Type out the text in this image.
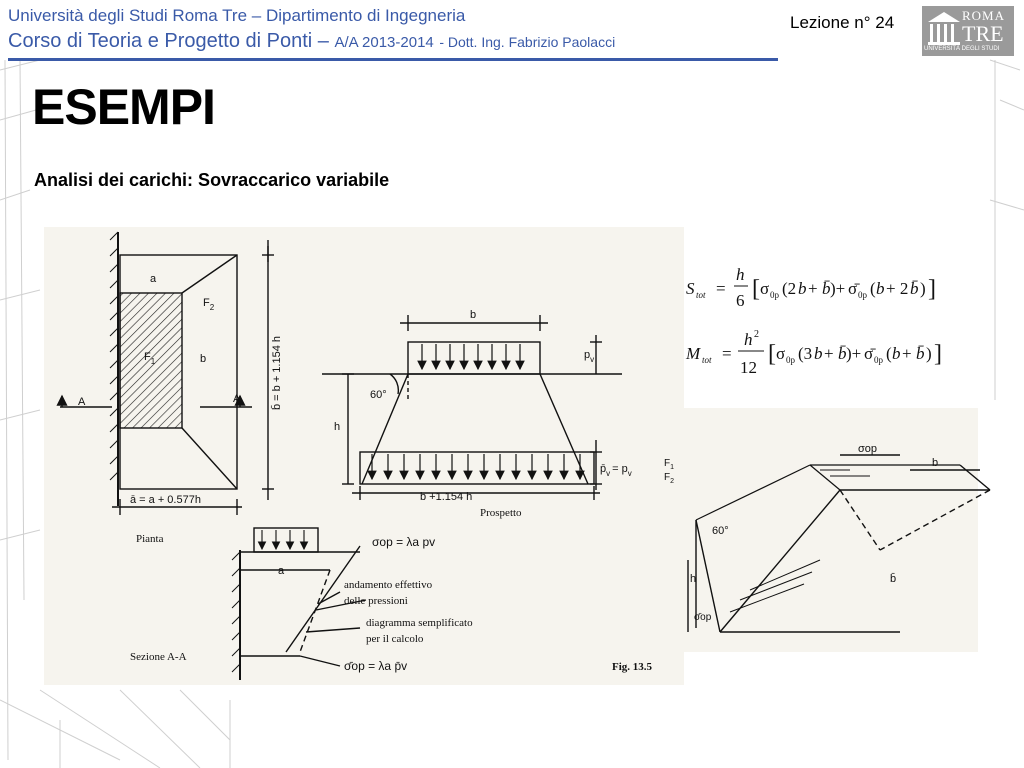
Università degli Studi Roma Tre – Dipartimento di Ingegneria
Corso di Teoria e Progetto di Ponti – A/A 2013-2014 - Dott. Ing. Fabrizio Paolacci
Lezione n° 24	ROMA
TRE
UNIVERSITÀ DEGLI STUDI
ESEMPI
Analisi dei carichi: Sovraccarico variabile
a
$F_2$
$F_1$	b
A	A	b̄ = b + 1.154 h
ā = a + 0.577h
Pianta
b
$p_v$
60°
h
$p̄_v = p_v$
$F_1$
$F_2$
b +1.154 h
Prospetto
σop = λa pv
a
andamento effettivo
delle pressioni
diagramma semplificato
per il calcolo
Sezione A-A
σ̄op = λa p̄v	Fig. 13.5
σop
b
60°
h	b̄
σ̄op
S tot =
h
6 [ σ 0p (2 b + b̄ )+ σ̄ 0p ( b + 2 b̄ ) ]
M tot =
h 2
12
[ σ 0p (3 b + b̄ )+ σ̄ 0p ( b + b̄ ) ]
